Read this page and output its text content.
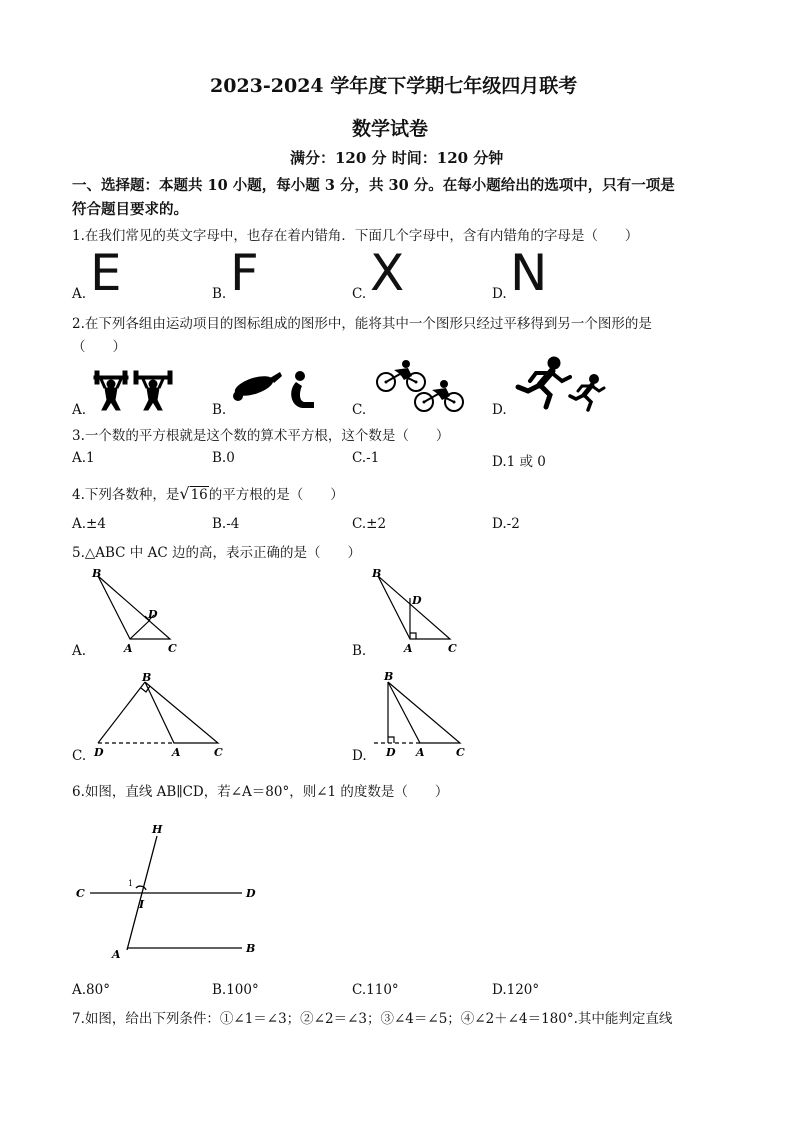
2023-2024 学年度下学期七年级四月联考
数学试卷
满分：120 分 时间：120 分钟
一、选择题：本题共 10 小题，每小题 3 分，共 30 分。在每小题给出的选项中，只有一项是
符合题目要求的。
1.在我们常见的英文字母中，也存在着内错角．下面几个字母中，含有内错角的字母是（　　）
A. E	B. F	C. X	D. N
2.在下列各组由运动项目的图标组成的图形中，能将其中一个图形只经过平移得到另一个图形的是
（　　）
A.	B.	C.	D.
3.一个数的平方根就是这个数的算术平方根，这个数是（　　）
A.1	B.0	C.-1	D.1 或 0
4.下列各数种，是√16的平方根的是（　　）
A.±4	B.-4	C.±2	D.-2
5.△ABC 中 AC 边的高，表示正确的是（　　）
A.
B
D
A	C	B.
B
D
A	C
C.
B
D	A	C	D.
B
D A	C
6.如图，直线 AB∥CD，若∠A＝80°，则∠1 的度数是（　　）
H
C	D
I
A	B
1
A.80°	B.100°	C.110°	D.120°
7.如图，给出下列条件：①∠1＝∠3；②∠2＝∠3；③∠4＝∠5；④∠2＋∠4＝180°.其中能判定直线
